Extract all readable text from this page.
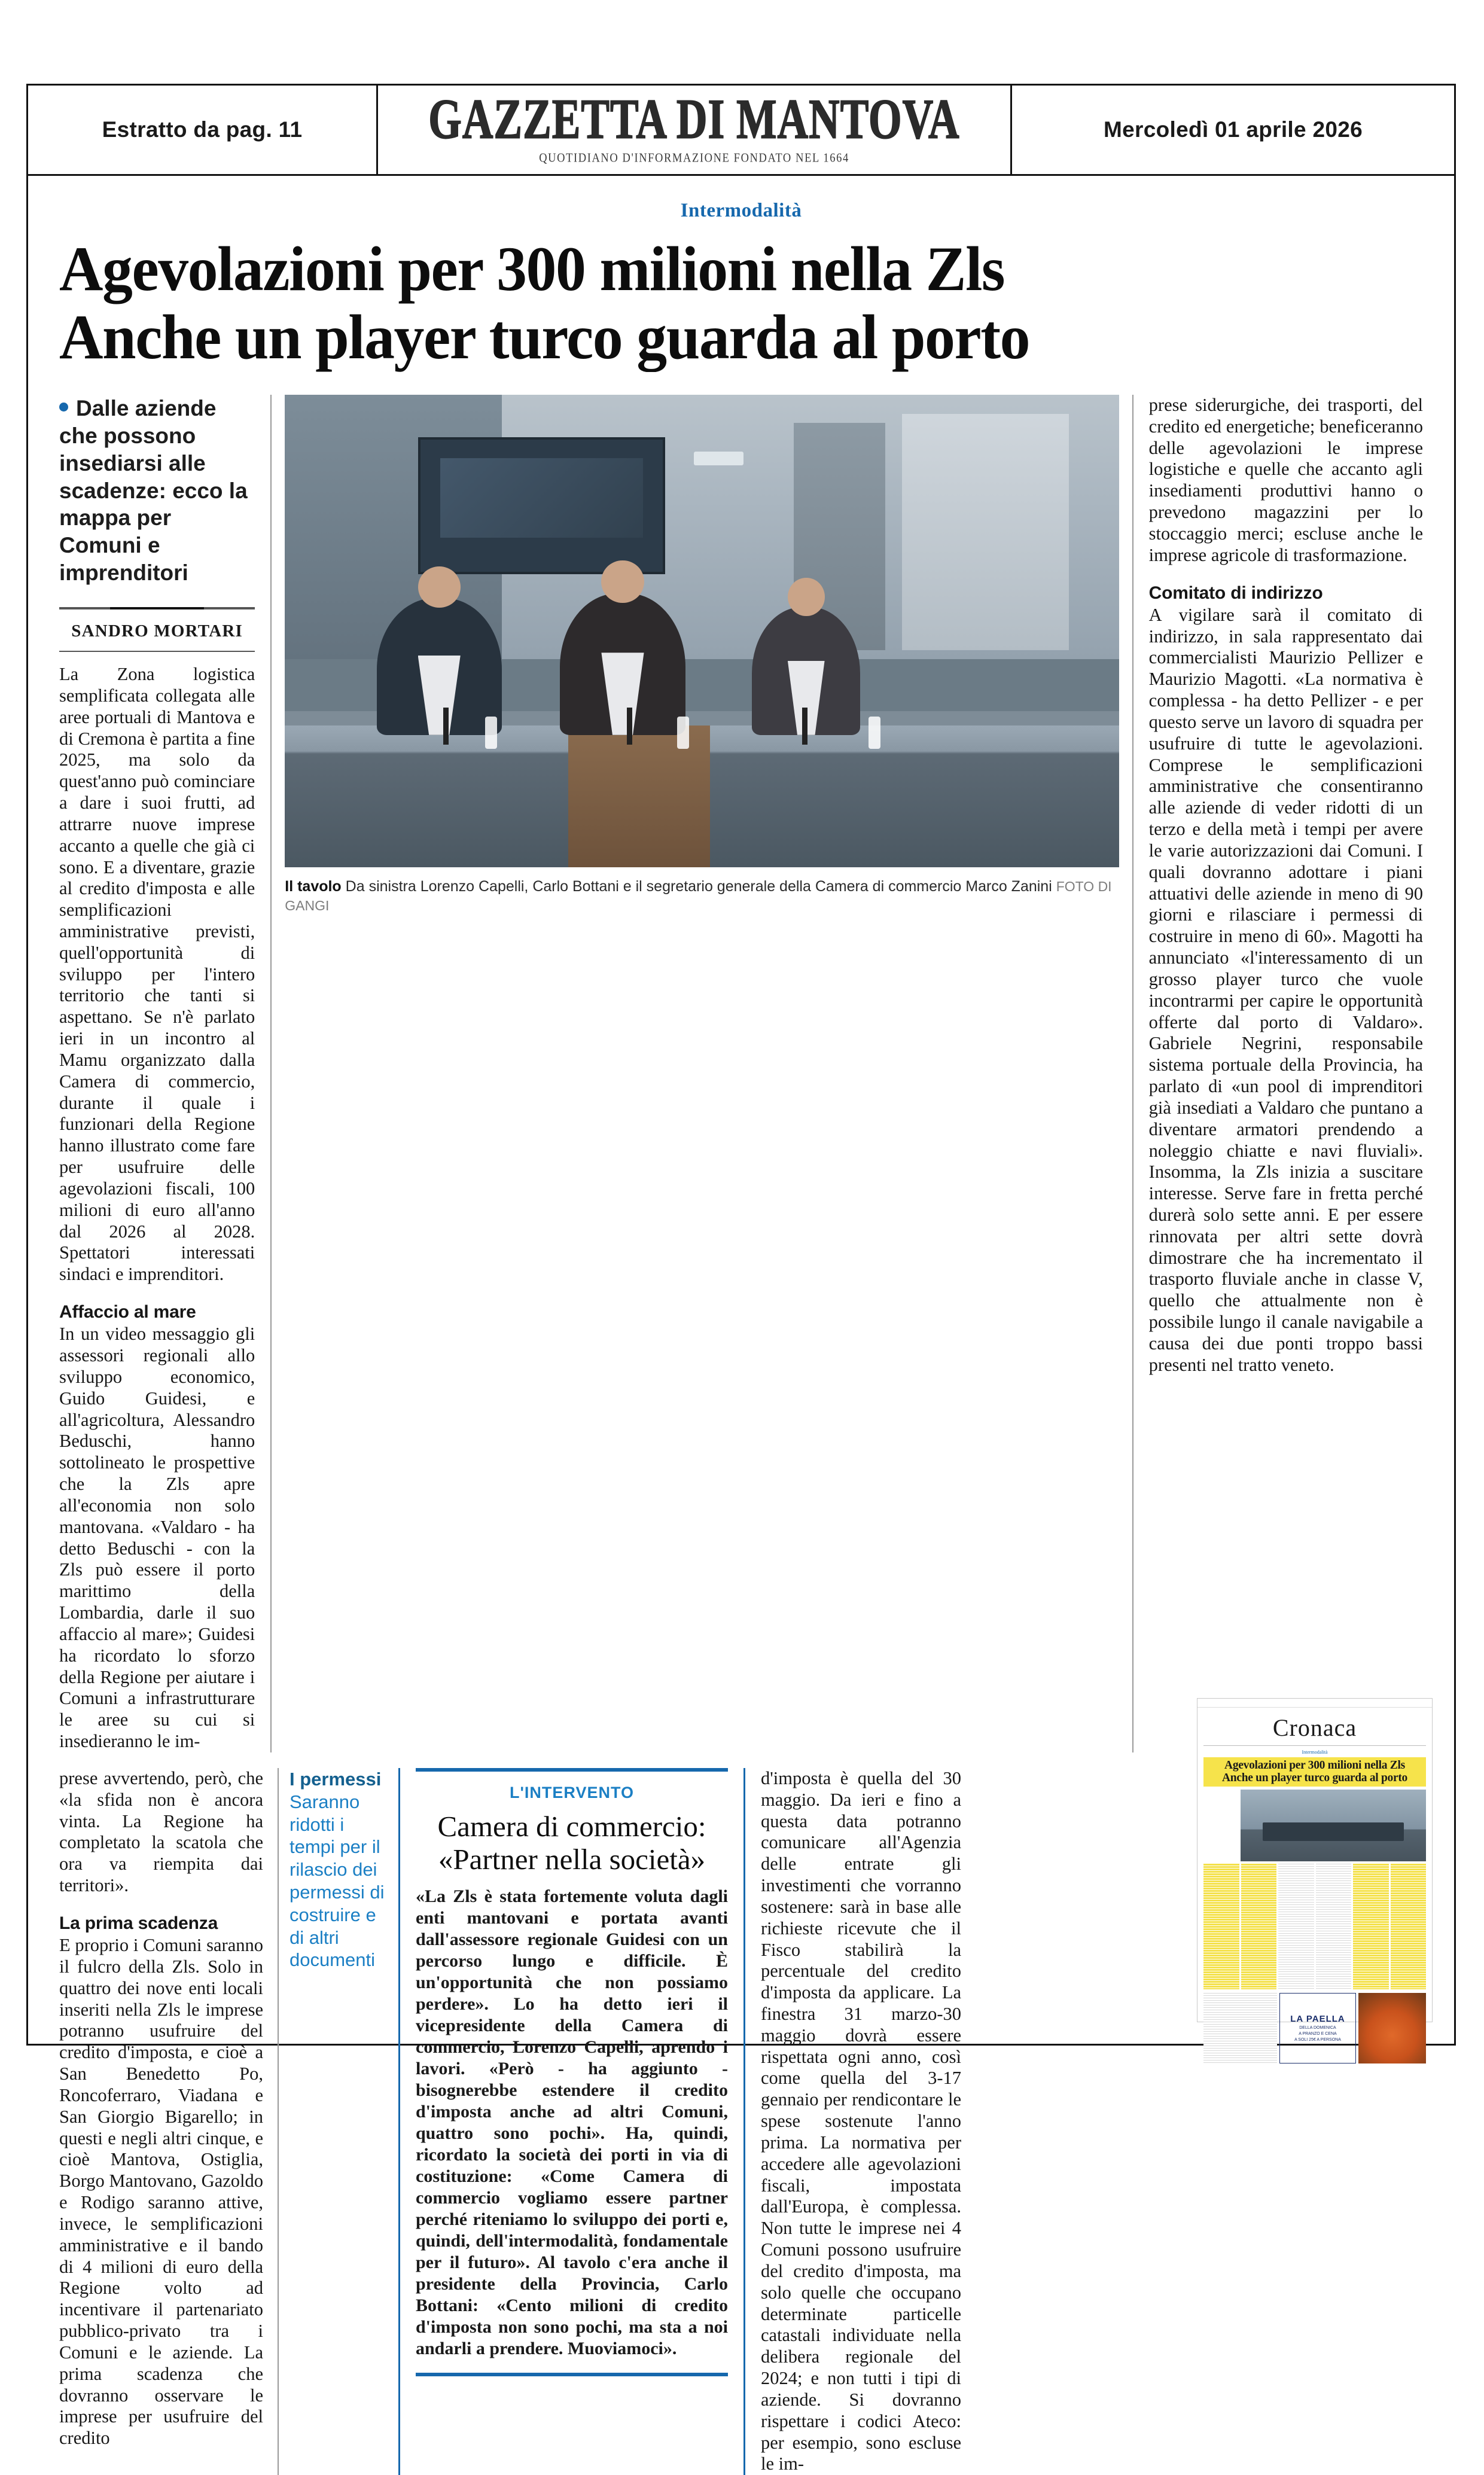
Estratto da pag. 11	GAZZETTA DI MANTOVA
QUOTIDIANO D'INFORMAZIONE FONDATO NEL 1664
Mercoledì 01 aprile 2026
Intermodalità
Agevolazioni per 300 milioni nella Zls
Anche un player turco guarda al porto
Dalle aziende che possono insediarsi alle scadenze: ecco la mappa per Comuni e imprenditori
SANDRO MORTARI

La Zona logistica semplificata collegata alle aree portuali di Mantova e di Cremona è partita a fine 2025, ma solo da quest'anno può cominciare a dare i suoi frutti, ad attrarre nuove imprese accanto a quelle che già ci sono. E a diventare, grazie al credito d'imposta e alle semplificazioni amministrative previsti, quell'opportunità di sviluppo per l'intero territorio che tanti si aspettano. Se n'è parlato ieri in un incontro al Mamu organizzato dalla Camera di commercio, durante il quale i funzionari della Regione hanno illustrato come fare per usufruire delle agevolazioni fiscali, 100 milioni di euro all'anno dal 2026 al 2028. Spettatori interessati sindaci e imprenditori.

Affaccio al mare

In un video messaggio gli assessori regionali allo sviluppo economico, Guido Guidesi, e all'agricoltura, Alessandro Beduschi, hanno sottolineato le prospettive che la Zls apre all'economia non solo mantovana. «Valdaro - ha detto Beduschi - con la Zls può essere il porto marittimo della Lombardia, darle il suo affaccio al mare»; Guidesi ha ricordato lo sforzo della Regione per aiutare i Comuni a infrastrutturare le aree su cui si insedieranno le im-

Il tavolo Da sinistra Lorenzo Capelli, Carlo Bottani e il segretario generale della Camera di commercio Marco Zanini FOTO DI GANGI

prese siderurgiche, dei trasporti, del credito ed energetiche; beneficeranno delle agevolazioni le imprese logistiche e quelle che accanto agli insediamenti produttivi hanno o prevedono magazzini per lo stoccaggio merci; escluse anche le imprese agricole di trasformazione.

Comitato di indirizzo

A vigilare sarà il comitato di indirizzo, in sala rappresentato dai commercialisti Maurizio Pellizer e Maurizio Magotti. «La normativa è complessa - ha detto Pellizer - e per questo serve un lavoro di squadra per usufruire di tutte le agevolazioni. Comprese le semplificazioni amministrative che consentiranno alle aziende di veder ridotti di un terzo e della metà i tempi per avere le varie autorizzazioni dai Comuni. I quali dovranno adottare i piani attuativi delle aziende in meno di 90 giorni e rilasciare i permessi di costruire in meno di 60». Magotti ha annunciato «l'interessamento di un grosso player turco che vuole incontrarmi per capire le opportunità offerte dal porto di Valdaro». Gabriele Negrini, responsabile sistema portuale della Provincia, ha parlato di «un pool di imprenditori già insediati a Valdaro che puntano a diventare armatori prendendo a noleggio chiatte e navi fluviali». Insomma, la Zls inizia a suscitare interesse. Serve fare in fretta perché durerà solo sette anni. E per essere rinnovata per altri sette dovrà dimostrare che ha incrementato il trasporto fluviale anche in classe V, quello che attualmente non è possibile lungo il canale navigabile a causa dei due ponti troppo bassi presenti nel tratto veneto.

prese avvertendo, però, che «la sfida non è ancora vinta. La Regione ha completato la scatola che ora va riempita dai territori».

La prima scadenza

E proprio i Comuni saranno il fulcro della Zls. Solo in quattro dei nove enti locali inseriti nella Zls le imprese potranno usufruire del credito d'imposta, e cioè a San Benedetto Po, Roncoferraro, Viadana e San Giorgio Bigarello; in questi e negli altri cinque, e cioè Mantova, Ostiglia, Borgo Mantovano, Gazoldo e Rodigo saranno attive, invece, le semplificazioni amministrative e il bando di 4 milioni di euro della Regione volto ad incentivare il partenariato pubblico-privato tra i Comuni e le aziende. La prima scadenza che dovranno osservare le imprese per usufruire del credito

I permessi
Saranno ridotti i tempi per il rilascio dei permessi di costruire e di altri documenti
L'INTERVENTO
Camera di commercio:
«Partner nella società»
«La Zls è stata fortemente voluta dagli enti mantovani e portata avanti dall'assessore regionale Guidesi con un percorso lungo e difficile. È un'opportunità che non possiamo perdere». Lo ha detto ieri il vicepresidente della Camera di commercio, Lorenzo Capelli, aprendo i lavori. «Però - ha aggiunto - bisognerebbe estendere il credito d'imposta anche ad altri Comuni, quattro sono pochi». Ha, quindi, ricordato la società dei porti in via di costituzione: «Come Camera di commercio vogliamo essere partner perché riteniamo lo sviluppo dei porti e, quindi, dell'intermodalità, fondamentale per il futuro». Al tavolo c'era anche il presidente della Provincia, Carlo Bottani: «Cento milioni di credito d'imposta non sono pochi, ma sta a noi andarli a prendere. Muoviamoci».

d'imposta è quella del 30 maggio. Da ieri e fino a questa data potranno comunicare all'Agenzia delle entrate gli investimenti che vorranno sostenere: sarà in base alle richieste ricevute che il Fisco stabilirà la percentuale del credito d'imposta da applicare. La finestra 31 marzo-30 maggio dovrà essere rispettata ogni anno, così come quella del 3-17 gennaio per rendicontare le spese sostenute l'anno prima. La normativa per accedere alle agevolazioni fiscali, impostata dall'Europa, è complessa. Non tutte le imprese nei 4 Comuni possono usufruire del credito d'imposta, ma solo quelle che occupano determinate particelle catastali individuate nella delibera regionale del 2024; e non tutti i tipi di aziende. Si dovranno rispettare i codici Ateco: per esempio, sono escluse le im-

Cronaca
Intermodalità
Agevolazioni per 300 milioni nella Zls
Anche un player turco guarda al porto
LA PAELLA
DELLA DOMENICA
A PRANZO E CENA
A SOLI 25€ A PERSONA
